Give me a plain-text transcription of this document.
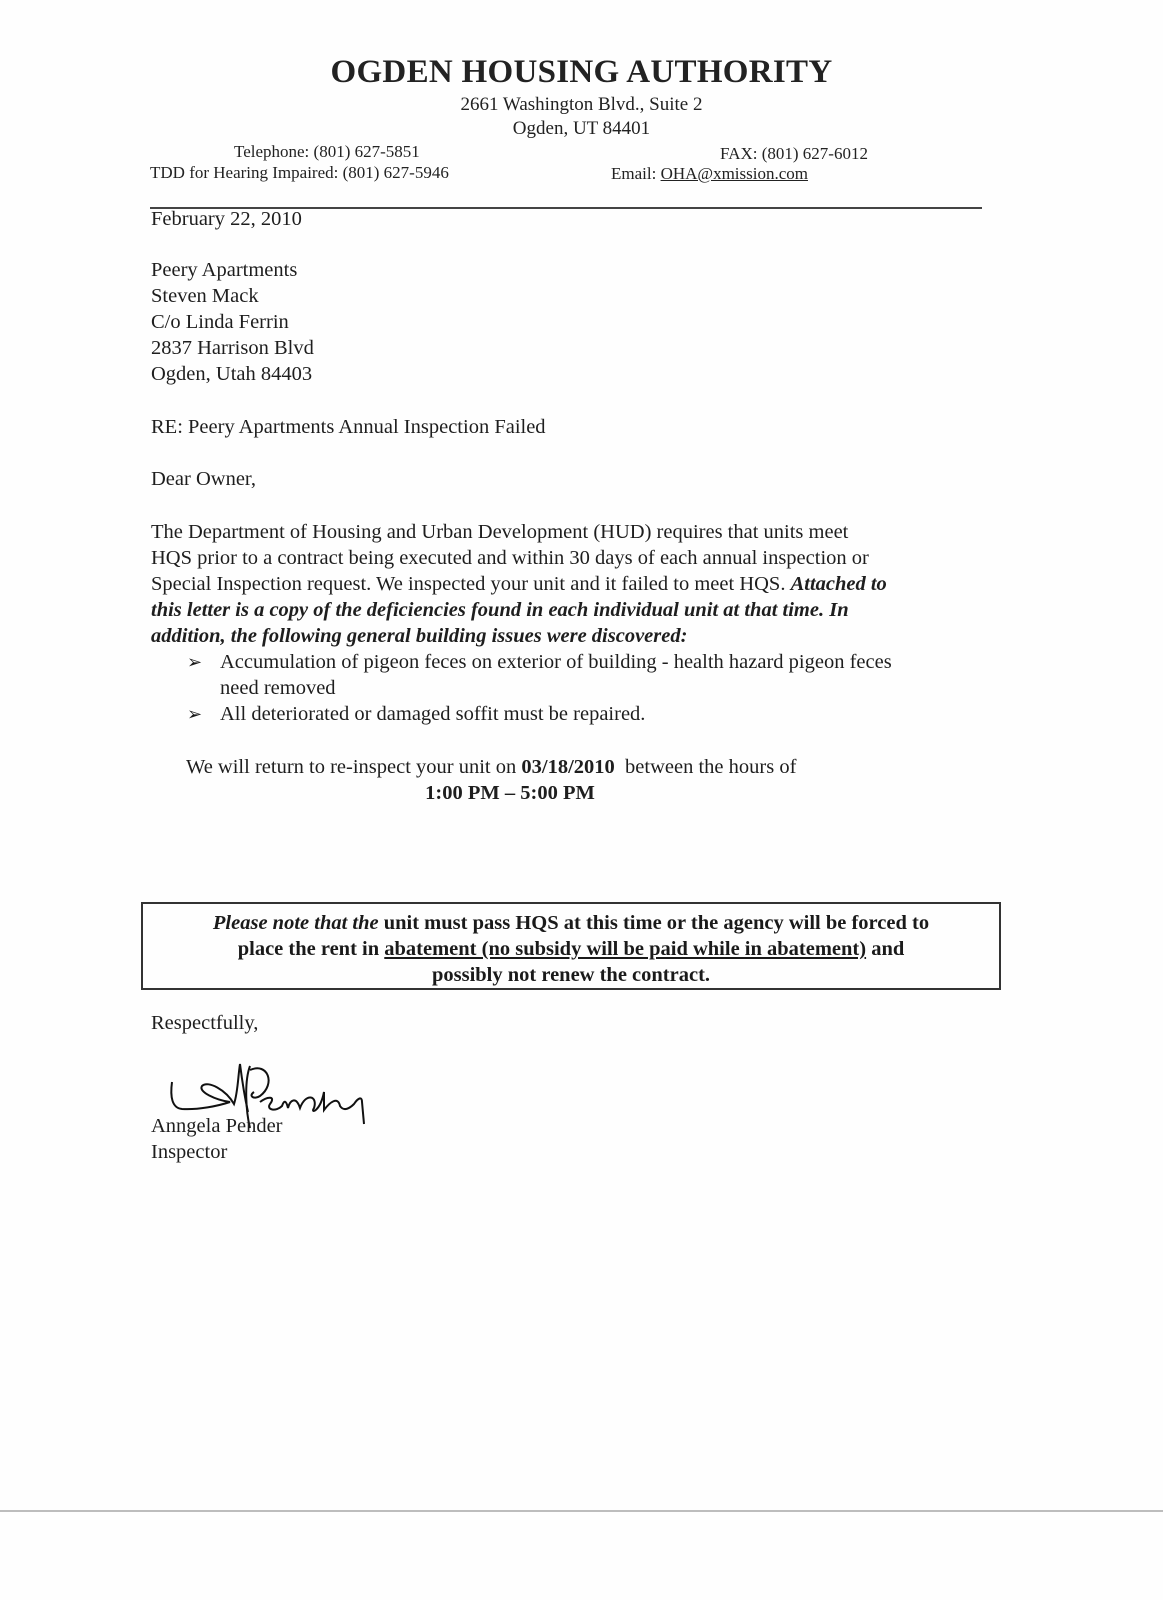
OGDEN HOUSING AUTHORITY
2661 Washington Blvd., Suite 2
Ogden, UT 84401
Telephone: (801) 627-5851
TDD for Hearing Impaired: (801) 627-5946
FAX: (801) 627-6012
Email: OHA@xmission.com
February 22, 2010
Peery Apartments
Steven Mack
C/o Linda Ferrin
2837 Harrison Blvd
Ogden, Utah 84403
RE: Peery Apartments Annual Inspection Failed
Dear Owner,
The Department of Housing and Urban Development (HUD) requires that units meet
HQS prior to a contract being executed and within 30 days of each annual inspection or
Special Inspection request. We inspected your unit and it failed to meet HQS. Attached to
this letter is a copy of the deficiencies found in each individual unit at that time. In
addition, the following general building issues were discovered:
➢ Accumulation of pigeon feces on exterior of building - health hazard pigeon feces
need removed
➢ All deteriorated or damaged soffit must be repaired.
We will return to re-inspect your unit on 03/18/2010  between the hours of
1:00 PM – 5:00 PM
Please note that the unit must pass HQS at this time or the agency will be forced to
place the rent in abatement (no subsidy will be paid while in abatement) and
possibly not renew the contract.
Respectfully,
Anngela Pender
Inspector
